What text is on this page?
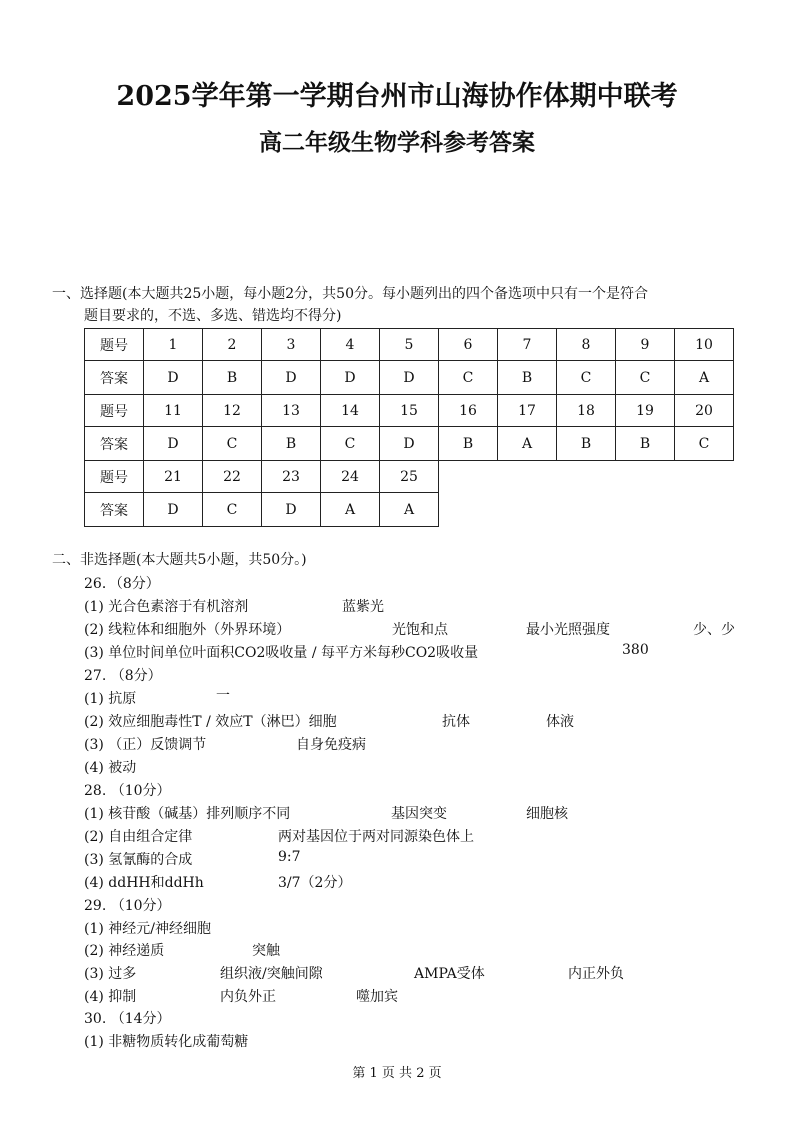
2025学年第一学期台州市山海协作体期中联考
高二年级生物学科参考答案
一、选择题(本大题共25小题，每小题2分，共50分。每小题列出的四个备选项中只有一个是符合
题目要求的，不选、多选、错选均不得分)
题号	1	2	3	4	5	6	7	8	9	10
答案	D	B	D	D	D	C	B	C	C	A
题号	11	12	13	14	15	16	17	18	19	20
答案	D	C	B	C	D	B	A	B	B	C
题号	21	22	23	24	25					
答案	D	C	D	A	A					
二、非选择题(本大题共5小题，共50分。)
26．（8分）
(1) 光合色素溶于有机溶剂	蓝紫光
(2) 线粒体和细胞外（外界环境）	光饱和点	最小光照强度	少、少
(3) 单位时间单位叶面积CO2吸收量 / 每平方米每秒CO2吸收量	380
27. （8分）
(1) 抗原	一
(2) 效应细胞毒性T / 效应T（淋巴）细胞	抗体	体液
(3) （正）反馈调节	自身免疫病
(4) 被动
28. （10分）
(1) 核苷酸（碱基）排列顺序不同	基因突变	细胞核
(2) 自由组合定律	两对基因位于两对同源染色体上
(3) 氢氰酶的合成	9:7
(4) ddHH和ddHh	3/7（2分）
29. （10分）
(1) 神经元/神经细胞
(2) 神经递质	突触
(3) 过多	组织液/突触间隙	AMPA受体	内正外负
(4) 抑制	内负外正	噬加宾
30. （14分）
(1) 非糖物质转化成葡萄糖
第 1 页 共 2 页
